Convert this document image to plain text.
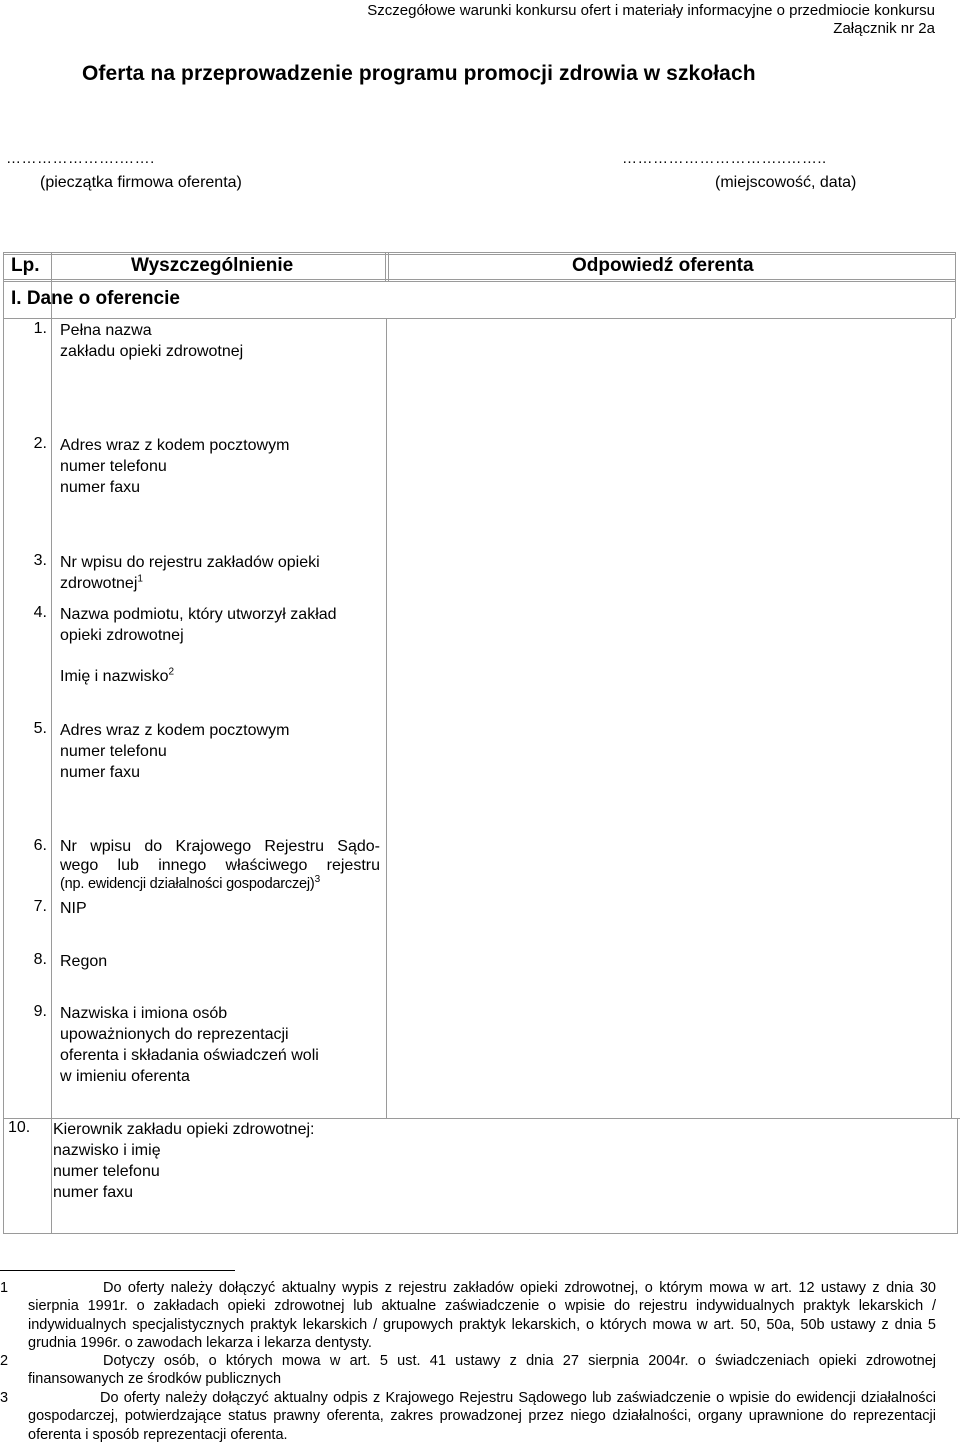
Szczegółowe warunki konkursu ofert i materiały informacyjne o przedmiocie konkursu
Załącznik nr 2a
Oferta na przeprowadzenie programu promocji zdrowia w szkołach
………………….…….
(pieczątka firmowa oferenta)
…………………………..……..
(miejscowość, data)
Lp.	Wyszczególnienie	Odpowiedź oferenta
I. Dane o oferencie
1. Pełna nazwa
zakładu opieki zdrowotnej
2. Adres wraz z kodem pocztowym
numer telefonu
numer faxu
3. Nr wpisu do rejestru zakładów opieki
zdrowotnej$^1$
4. Nazwa podmiotu, który utworzył zakład
opieki zdrowotnej
Imię i nazwisko$^2$
5. Adres wraz z kodem pocztowym
numer telefonu
numer faxu
6. Nr wpisu do Krajowego Rejestru Sądo-
wego lub innego właściwego rejestru
(np. ewidencji działalności gospodarczej)$^3$
7. NIP
8. Regon
9. Nazwiska i imiona osób
upoważnionych do reprezentacji
oferenta i składania oświadczeń woli
w imieniu oferenta
10. Kierownik zakładu opieki zdrowotnej:
nazwisko i imię
numer telefonu
numer faxu
1	Do oferty należy dołączyć aktualny wypis z rejestru zakładów opieki zdrowotnej, o którym mowa w art. 12 ustawy z dnia 30 sierpnia 1991r. o zakładach opieki zdrowotnej lub aktualne zaświadczenie o wpisie do rejestru indywidualnych praktyk lekarskich / indywidualnych specjalistycznych praktyk lekarskich / grupowych praktyk lekarskich, o których mowa w art. 50, 50a, 50b ustawy z dnia 5 grudnia 1996r. o zawodach lekarza i lekarza dentysty.
2	Dotyczy osób, o których mowa w art. 5 ust. 41 ustawy z dnia 27 sierpnia 2004r. o świadczeniach opieki zdrowotnej finansowanych ze środków publicznych
3	Do oferty należy dołączyć aktualny odpis z Krajowego Rejestru Sądowego lub zaświadczenie o wpisie do ewidencji działalności gospodarczej, potwierdzające status prawny oferenta, zakres prowadzonej przez niego działalności, organy uprawnione do reprezentacji oferenta i sposób reprezentacji oferenta.
